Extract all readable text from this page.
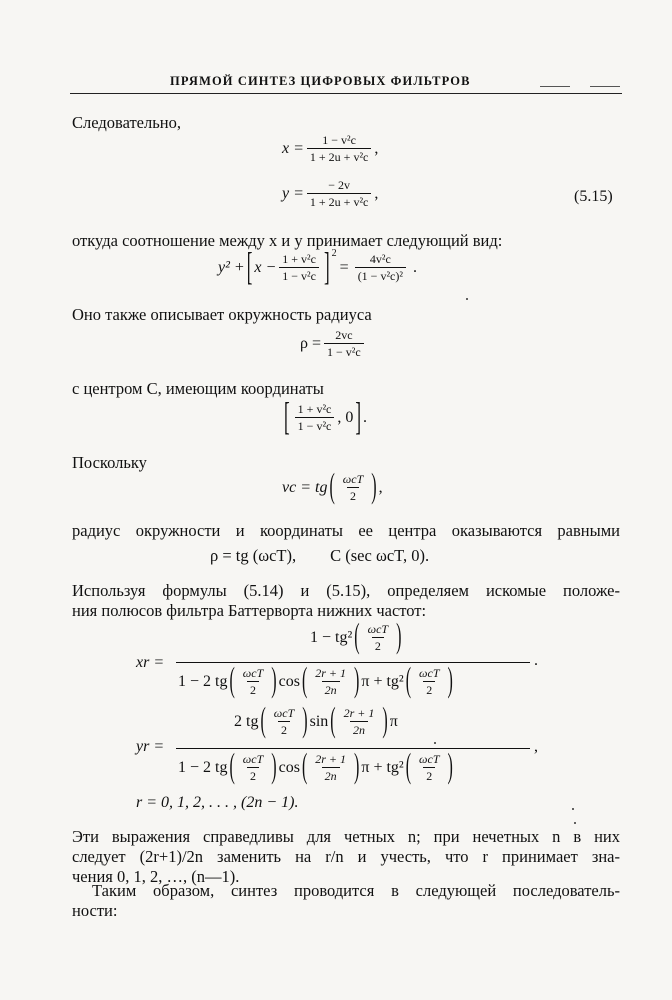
ПРЯМОЙ СИНТЕЗ ЦИФРОВЫХ ФИЛЬТРОВ
Следовательно,
$x = \frac{\text{1 − v²c}}{\text{1 + 2u + v²c}}$ ,
$y = \frac{- 2v}{\text{1 + 2u + v²c}}$ ,	(5.15)
откуда соотношение между x и y принимает следующий вид:
y² + [ $x - \frac{\text{1 + v²c}}{\text{1 − v²c}} ]^2$
= $\frac{\text{4v²c}}{\text{(1 − v²c)²}}$ .
Оно также описывает окружность радиуса
$\rho = \frac{2vc}{\text{1 − v²c}}$
с центром C, имеющим координаты
[ $\frac{\text{1 + v²c}}{\text{1 − v²c}}$ , 0 ] .
Поскольку
vc = tg ( $\frac{\text{ωcT}}{2}$ ) ,
радиус окружности и координаты ее центра оказываются равными
ρ = tg (ωcT), C (sec ωcT, 0).
Используя формулы (5.14) и (5.15), определяем искомые положе-
ния полюсов фильтра Баттерворта нижних частот:
xr =
1 − tg² ( $\frac{\text{ωcT}}{2}$ )
1 − 2 tg ( $\frac{\text{ωcT}}{2}$ ) cos ( $\frac{2r + 1}{2n}$ ) π + tg² ( $\frac{\text{ωcT}}{2}$ )
.
yr =
2 tg ( $\frac{\text{ωcT}}{2}$ ) sin ( $\frac{2r + 1}{2n}$ ) π
1 − 2 tg ( $\frac{\text{ωcT}}{2}$ ) cos ( $\frac{2r + 1}{2n}$ ) π + tg² ( $\frac{\text{ωcT}}{2}$ )
,
r = 0, 1, 2, . . . , (2n − 1).
Эти выражения справедливы для четных n; при нечетных n в них
следует (2r+1)/2n заменить на r/n и учесть, что r принимает зна-
чения 0, 1, 2, …, (n—1).
Таким образом, синтез проводится в следующей последователь-
ности:
